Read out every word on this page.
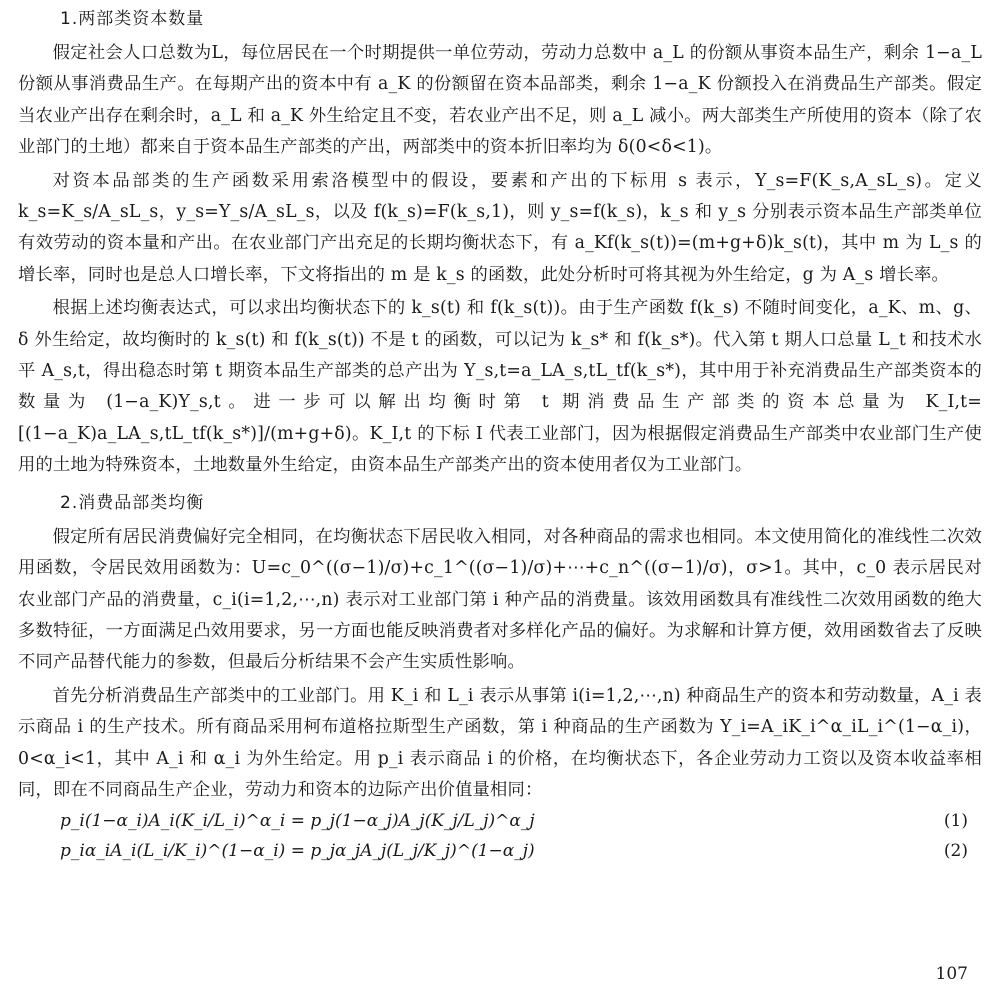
1.两部类资本数量

假定社会人口总数为L，每位居民在一个时期提供一单位劳动，劳动力总数中 a_L 的份额从事资本品生产，剩余 1−a_L 份额从事消费品生产。在每期产出的资本中有 a_K 的份额留在资本品部类，剩余 1−a_K 份额投入在消费品生产部类。假定当农业产出存在剩余时，a_L 和 a_K 外生给定且不变，若农业产出不足，则 a_L 减小。两大部类生产所使用的资本（除了农业部门的土地）都来自于资本品生产部类的产出，两部类中的资本折旧率均为 δ(0<δ<1)。

对资本品部类的生产函数采用索洛模型中的假设，要素和产出的下标用 s 表示，Y_s=F(K_s,A_sL_s)。定义 k_s=K_s/A_sL_s，y_s=Y_s/A_sL_s，以及 f(k_s)=F(k_s,1)，则 y_s=f(k_s)，k_s 和 y_s 分别表示资本品生产部类单位有效劳动的资本量和产出。在农业部门产出充足的长期均衡状态下，有 a_Kf(k_s(t))=(m+g+δ)k_s(t)，其中 m 为 L_s 的增长率，同时也是总人口增长率，下文将指出的 m 是 k_s 的函数，此处分析时可将其视为外生给定，g 为 A_s 增长率。

根据上述均衡表达式，可以求出均衡状态下的 k_s(t) 和 f(k_s(t))。由于生产函数 f(k_s) 不随时间变化，a_K、m、g、δ 外生给定，故均衡时的 k_s(t) 和 f(k_s(t)) 不是 t 的函数，可以记为 k_s* 和 f(k_s*)。代入第 t 期人口总量 L_t 和技术水平 A_s,t，得出稳态时第 t 期资本品生产部类的总产出为 Y_s,t=a_LA_s,tL_tf(k_s*)，其中用于补充消费品生产部类资本的数量为 (1−a_K)Y_s,t。进一步可以解出均衡时第 t 期消费品生产部类的资本总量为 K_I,t=[(1−a_K)a_LA_s,tL_tf(k_s*)]/(m+g+δ)。K_I,t 的下标 I 代表工业部门，因为根据假定消费品生产部类中农业部门生产使用的土地为特殊资本，土地数量外生给定，由资本品生产部类产出的资本使用者仅为工业部门。

2.消费品部类均衡

假定所有居民消费偏好完全相同，在均衡状态下居民收入相同，对各种商品的需求也相同。本文使用简化的准线性二次效用函数，令居民效用函数为：U=c_0^((σ−1)/σ)+c_1^((σ−1)/σ)+⋯+c_n^((σ−1)/σ)，σ>1。其中，c_0 表示居民对农业部门产品的消费量，c_i(i=1,2,⋯,n) 表示对工业部门第 i 种产品的消费量。该效用函数具有准线性二次效用函数的绝大多数特征，一方面满足凸效用要求，另一方面也能反映消费者对多样化产品的偏好。为求解和计算方便，效用函数省去了反映不同产品替代能力的参数，但最后分析结果不会产生实质性影响。

首先分析消费品生产部类中的工业部门。用 K_i 和 L_i 表示从事第 i(i=1,2,⋯,n) 种商品生产的资本和劳动数量，A_i 表示商品 i 的生产技术。所有商品采用柯布道格拉斯型生产函数，第 i 种商品的生产函数为 Y_i=A_iK_i^α_iL_i^(1−α_i)，0<α_i<1，其中 A_i 和 α_i 为外生给定。用 p_i 表示商品 i 的价格，在均衡状态下，各企业劳动力工资以及资本收益率相同，即在不同商品生产企业，劳动力和资本的边际产出价值量相同：

p_i(1−α_i)A_i(K_i/L_i)^α_i = p_j(1−α_j)A_j(K_j/L_j)^α_j	(1)
p_iα_iA_i(L_i/K_i)^(1−α_i) = p_jα_jA_j(L_j/K_j)^(1−α_j)	(2)
107
